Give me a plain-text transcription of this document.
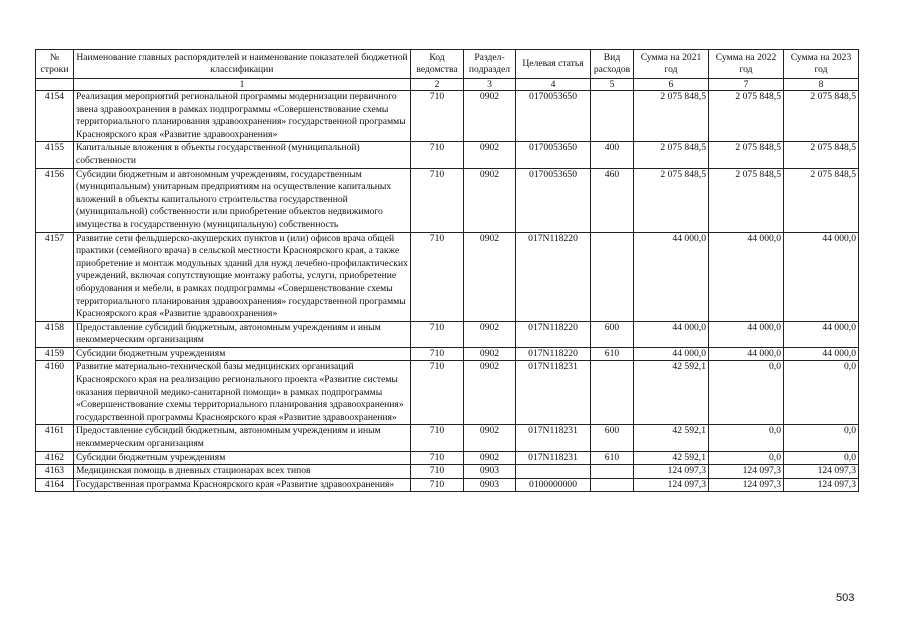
№ строки	Наименование главных распорядителей и наименование показателей бюджетной классификации	Код ведомства	Раздел-подраздел	Целевая статья	Вид расходов	Сумма на 2021 год	Сумма на 2022 год	Сумма на 2023 год
	1	2	3	4	5	6	7	8
4154	Реализация мероприятий региональной программы модернизации первичного звена здравоохранения в рамках подпрограммы «Совершенствование схемы территориального планирования здравоохранения» государственной программы Красноярского края «Развитие здравоохранения»	710	0902	0170053650		2 075 848,5	2 075 848,5	2 075 848,5
4155	Капитальные вложения в объекты государственной (муниципальной) собственности	710	0902	0170053650	400	2 075 848,5	2 075 848,5	2 075 848,5
4156	Субсидии бюджетным и автономным учреждениям, государственным (муниципальным) унитарным предприятиям на осуществление капитальных вложений в объекты капитального строительства государственной (муниципальной) собственности или приобретение объектов недвижимого имущества в государственную (муниципальную) собственность	710	0902	0170053650	460	2 075 848,5	2 075 848,5	2 075 848,5
4157	Развитие сети фельдшерско-акушерских пунктов и (или) офисов врача общей практики (семейного врача) в сельской местности Красноярского края, а также приобретение и монтаж модульных зданий для нужд лечебно-профилактических учреждений, включая сопутствующие монтажу работы, услуги, приобретение оборудования и мебели, в рамках подпрограммы «Совершенствование схемы территориального планирования здравоохранения» государственной программы Красноярского края «Развитие здравоохранения»	710	0902	017N118220		44 000,0	44 000,0	44 000,0
4158	Предоставление субсидий бюджетным, автономным учреждениям и иным некоммерческим организациям	710	0902	017N118220	600	44 000,0	44 000,0	44 000,0
4159	Субсидии бюджетным учреждениям	710	0902	017N118220	610	44 000,0	44 000,0	44 000,0
4160	Развитие материально-технической базы медицинских организаций Красноярского края на реализацию регионального проекта «Развитие системы оказания первичной медико-санитарной помощи» в рамках подпрограммы «Совершенствование схемы территориального планирования здравоохранения» государственной программы Красноярского края «Развитие здравоохранения»	710	0902	017N118231		42 592,1	0,0	0,0
4161	Предоставление субсидий бюджетным, автономным учреждениям и иным некоммерческим организациям	710	0902	017N118231	600	42 592,1	0,0	0,0
4162	Субсидии бюджетным учреждениям	710	0902	017N118231	610	42 592,1	0,0	0,0
4163	Медицинская помощь в дневных стационарах всех типов	710	0903			124 097,3	124 097,3	124 097,3
4164	Государственная программа Красноярского края «Развитие здравоохранения»	710	0903	0100000000		124 097,3	124 097,3	124 097,3
503
